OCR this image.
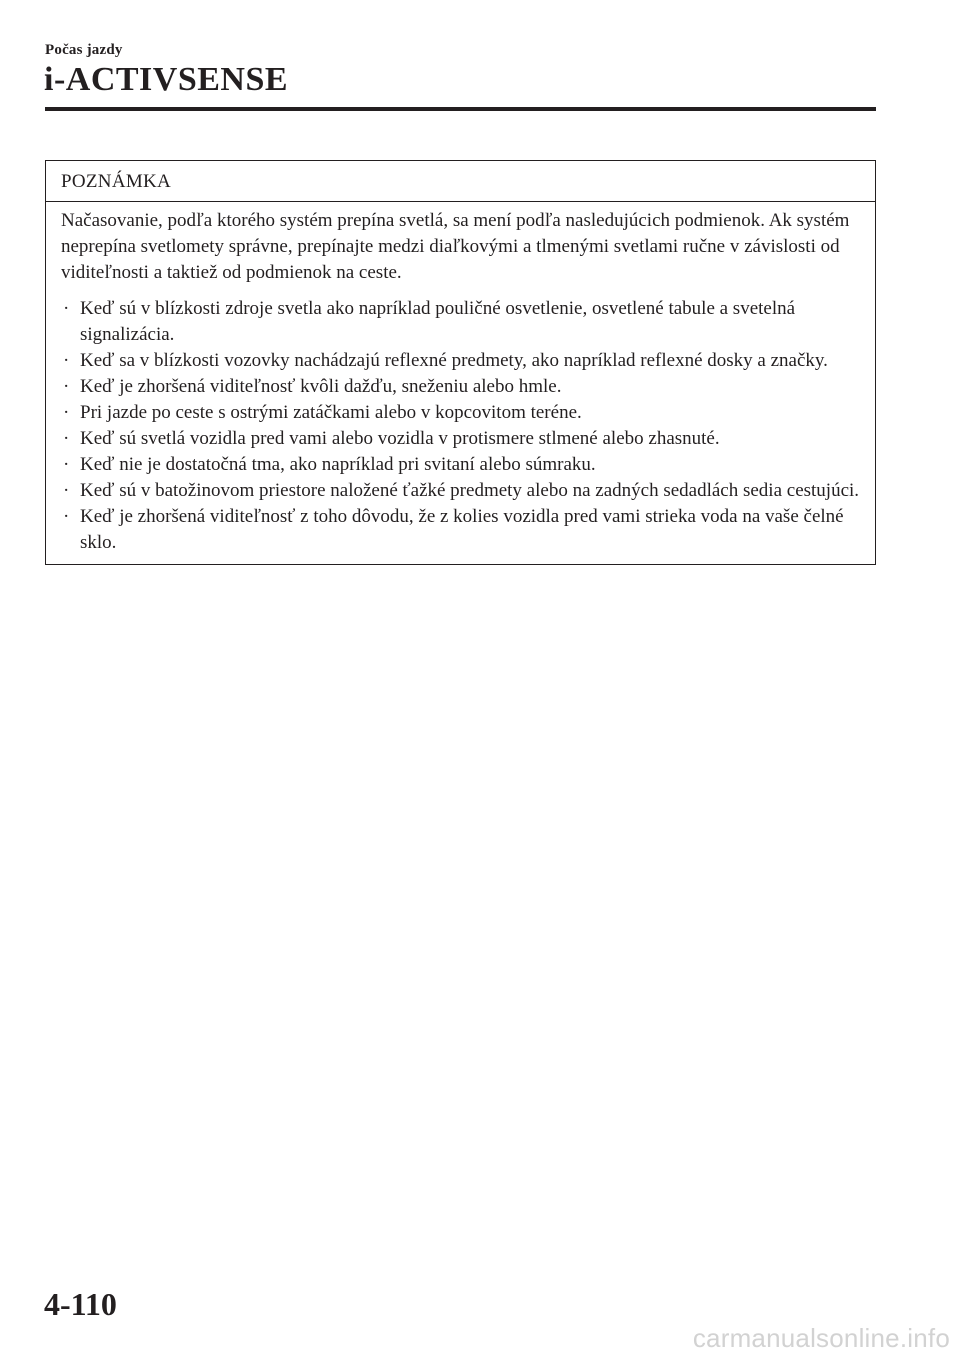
Počas jazdy
i-ACTIVSENSE
POZNÁMKA

Načasovanie, podľa ktorého systém prepína svetlá, sa mení podľa nasledujúcich podmienok. Ak systém neprepína svetlomety správne, prepínajte medzi diaľkovými a tlmenými svetlami ručne v závislosti od viditeľnosti a taktiež od podmienok na ceste.

· Keď sú v blízkosti zdroje svetla ako napríklad pouličné osvetlenie, osvetlené tabule a svetelná signalizácia.
· Keď sa v blízkosti vozovky nachádzajú reflexné predmety, ako napríklad reflexné dosky a značky.
· Keď je zhoršená viditeľnosť kvôli dažďu, sneženiu alebo hmle.
· Pri jazde po ceste s ostrými zatáčkami alebo v kopcovitom teréne.
· Keď sú svetlá vozidla pred vami alebo vozidla v protismere stlmené alebo zhasnuté.
· Keď nie je dostatočná tma, ako napríklad pri svitaní alebo súmraku.
· Keď sú v batožinovom priestore naložené ťažké predmety alebo na zadných sedadlách sedia cestujúci.
· Keď je zhoršená viditeľnosť z toho dôvodu, že z kolies vozidla pred vami strieka voda na vaše čelné sklo.
4-110
carmanualsonline.info
